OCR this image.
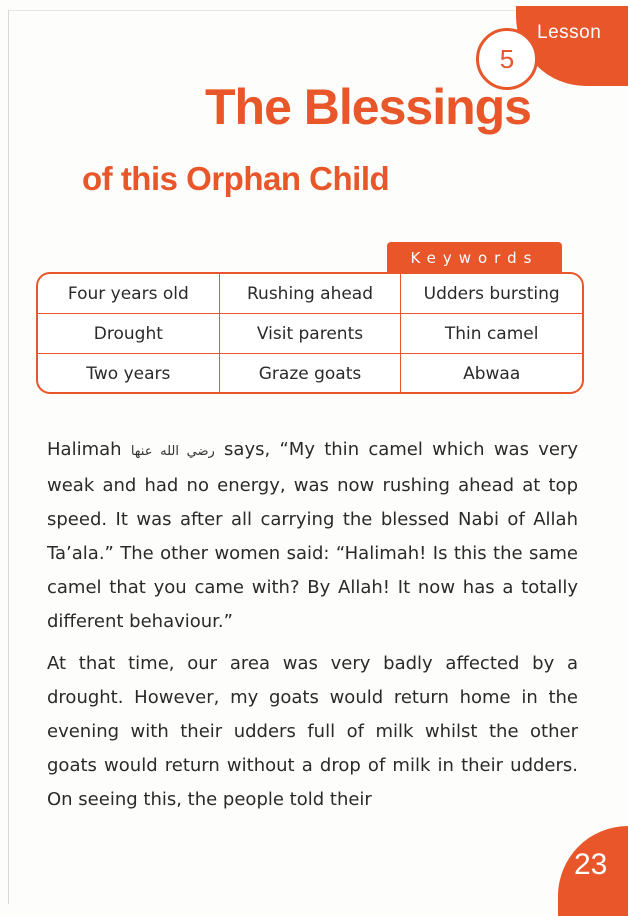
Lesson
5
The Blessings
of this Orphan Child
Keywords
Four years old	Rushing ahead	Udders bursting
Drought	Visit parents	Thin camel
Two years	Graze goats	Abwaa

Halimah رضي الله عنها says, “My thin camel which was very weak and had no energy, was now rushing ahead at top speed. It was after all carrying the blessed Nabi of Allah Ta’ala.” The other women said: “Halimah! Is this the same camel that you came with? By Allah! It now has a totally different behaviour.”

At that time, our area was very badly affected by a drought. However, my goats would return home in the evening with their udders full of milk whilst the other goats would return without a drop of milk in their udders. On seeing this, the people told their

23
